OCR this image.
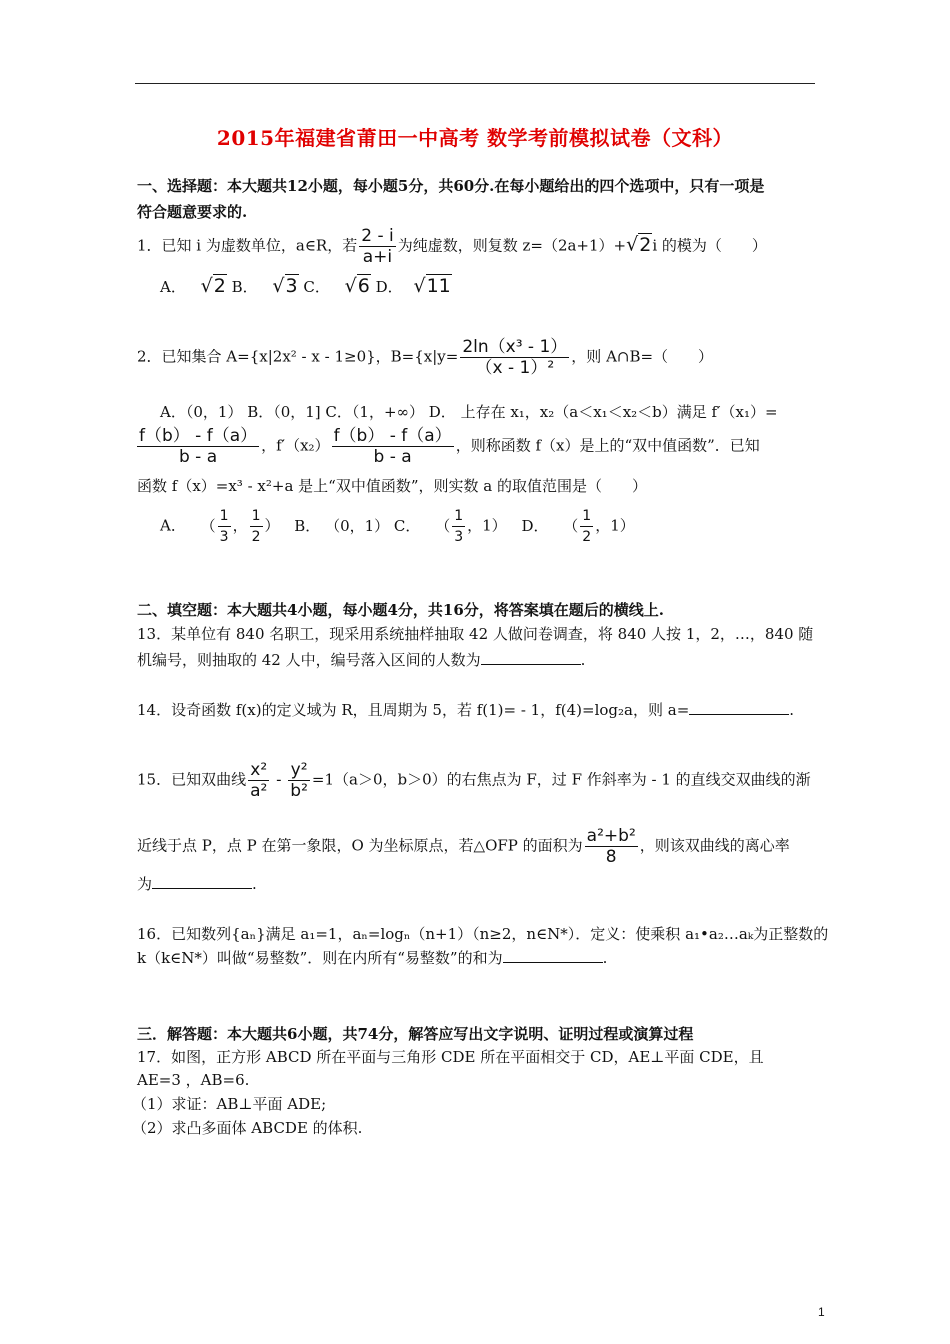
2015年福建省莆田一中高考 数学考前模拟试卷（文科）
一、选择题：本大题共12小题，每小题5分，共60分.在每小题给出的四个选项中，只有一项是
符合题意要求的.
1．已知 i 为虚数单位，a∈R，若 $\frac{2 - i}{a+i}$ 为纯虚数，则复数 z=（2a+1）+√2i 的模为（　　）
A． √2 B． √3 C． √6 D． √11
2．已知集合 A={x|2x² - x - 1≥0}，$B=\{x|y= \frac{\text{2ln（x³ - 1）}}{\text{（x - 1）²}}$ ，则 A∩B=（　　）
A．（0，1） B．（0，1] C．（1，+∞） D． 上存在 x₁，x₂（a＜x₁＜x₂＜b）满足 f′（x₁）=
$\frac{f(b) - f(a)}{b - a}$ ，$f'(x_2) \frac{f(b) - f(a)}{b - a}$ ，则称函数 f（x）是上的“双中值函数”．已知
函数 f（x）=x³ - x²+a 是上“双中值函数”，则实数 a 的取值范围是（　　）
A． （ $\frac{1}{3}$ ， $\frac{1}{2}$ ） B． （0，1） C． （ $\frac{1}{3}$ ，1） D． （ $\frac{1}{2}$ ，1）
二、填空题：本大题共4小题，每小题4分，共16分，将答案填在题后的横线上.
13．某单位有 840 名职工，现采用系统抽样抽取 42 人做问卷调查，将 840 人按 1，2，…，840 随
机编号，则抽取的 42 人中，编号落入区间的人数为	.
14．设奇函数 f(x)的定义域为 R，且周期为 5，若 f(1)= - 1，f(4)=log₂a，则 a=	.
15．已知双曲线 $\frac{\text{x²}}{\text{a²}} - \frac{\text{y²}}{\text{b²}} =1(a>0$，b＞0）的右焦点为 F，过 F 作斜率为 - 1 的直线交双曲线的渐
近线于点 P，点 P 在第一象限，O 为坐标原点，若△OFP 的面积为 $\frac{\text{a²+b²}}{8}$ ，则该双曲线的离心率
为	.
16．已知数列{aₙ}满足 a₁=1，aₙ=logₙ（n+1）（n≥2，n∈N*）．定义：使乘积 a₁•a₂…aₖ为正整数的
k（k∈N*）叫做“易整数”．则在内所有“易整数”的和为	.
三．解答题：本大题共6小题，共74分，解答应写出文字说明、证明过程或演算过程
17．如图，正方形 ABCD 所在平面与三角形 CDE 所在平面相交于 CD，AE⊥平面 CDE，且
AE=3 ，AB=6.
（1）求证：AB⊥平面 ADE;
（2）求凸多面体 ABCDE 的体积.
1
